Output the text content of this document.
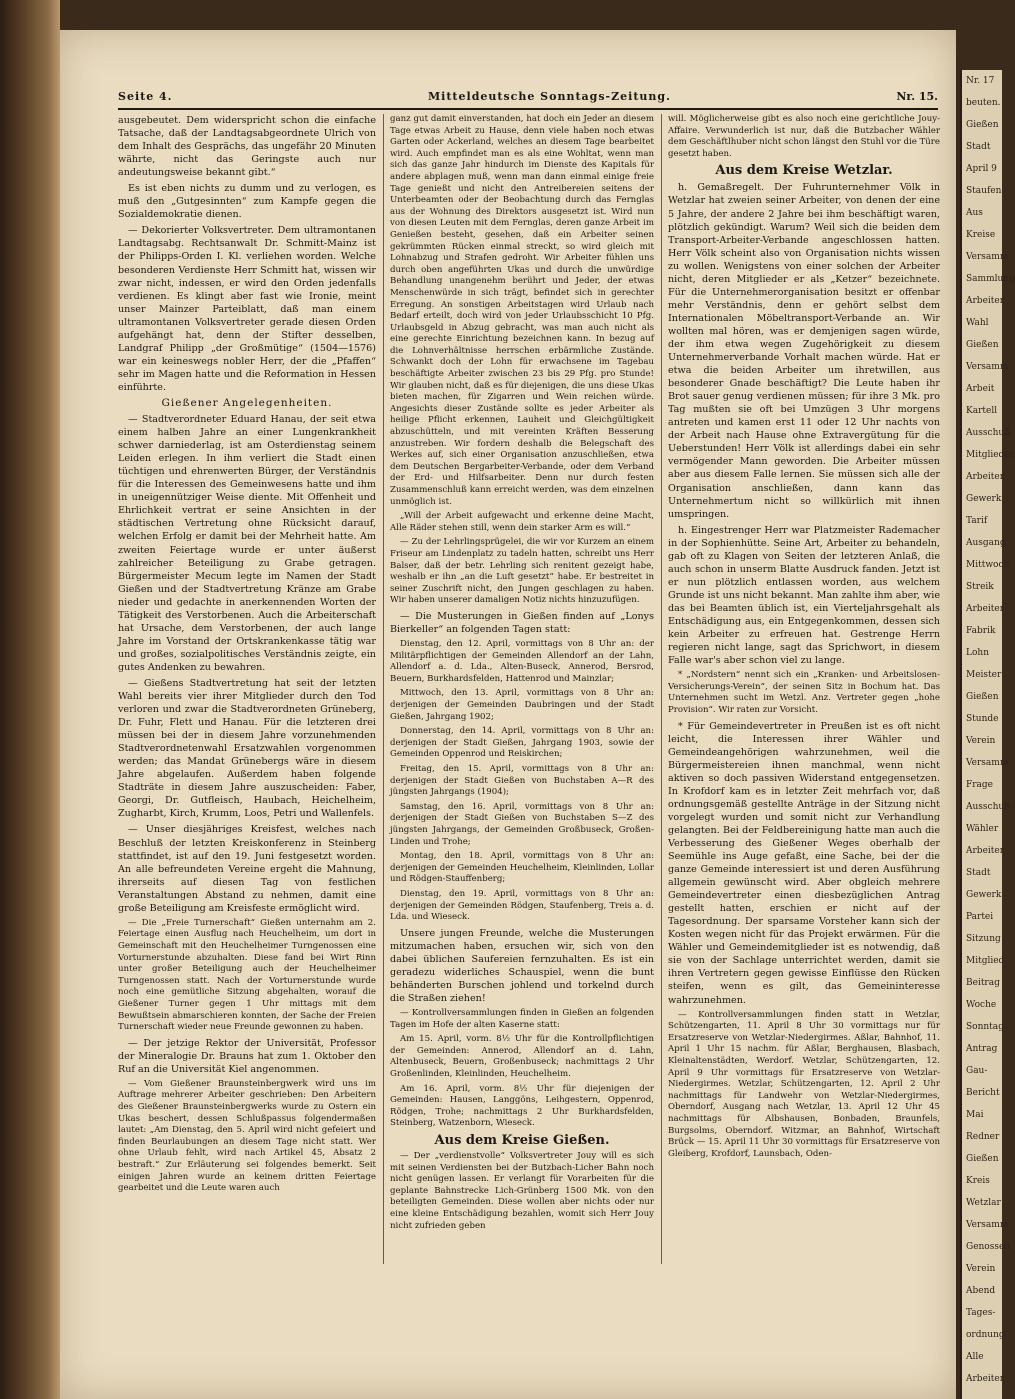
Seite 4.	Mitteldeutsche Sonntags-Zeitung.	Nr. 15.

ausgebeutet. Dem widerspricht schon die einfache Tatsache, daß der Landtagsabgeordnete Ulrich von dem Inhalt des Gesprächs, das ungefähr 20 Minuten währte, nicht das Geringste auch nur andeutungsweise bekannt gibt.“

Es ist eben nichts zu dumm und zu verlogen, es muß den „Gutgesinnten“ zum Kampfe gegen die Sozialdemokratie dienen.

— Dekorierter Volksvertreter. Dem ultramontanen Landtagsabg. Rechtsanwalt Dr. Schmitt-Mainz ist der Philipps-Orden I. Kl. verliehen worden. Welche besonderen Verdienste Herr Schmitt hat, wissen wir zwar nicht, indessen, er wird den Orden jedenfalls verdienen. Es klingt aber fast wie Ironie, meint unser Mainzer Parteiblatt, daß man einem ultramontanen Volksvertreter gerade diesen Orden aufgehängt hat, denn der Stifter desselben, Landgraf Philipp „der Großmütige“ (1504—1576) war ein keineswegs nobler Herr, der die „Pfaffen“ sehr im Magen hatte und die Reformation in Hessen einführte.

Gießener Angelegenheiten.

— Stadtverordneter Eduard Hanau, der seit etwa einem halben Jahre an einer Lungenkrankheit schwer darniederlag, ist am Osterdienstag seinem Leiden erlegen. In ihm verliert die Stadt einen tüchtigen und ehrenwerten Bürger, der Verständnis für die Interessen des Gemeinwesens hatte und ihm in uneigennütziger Weise diente. Mit Offenheit und Ehrlichkeit vertrat er seine Ansichten in der städtischen Vertretung ohne Rücksicht darauf, welchen Erfolg er damit bei der Mehrheit hatte. Am zweiten Feiertage wurde er unter äußerst zahlreicher Beteiligung zu Grabe getragen. Bürgermeister Mecum legte im Namen der Stadt Gießen und der Stadtvertretung Kränze am Grabe nieder und gedachte in anerkennenden Worten der Tätigkeit des Verstorbenen. Auch die Arbeiterschaft hat Ursache, dem Verstorbenen, der auch lange Jahre im Vorstand der Ortskrankenkasse tätig war und großes, sozialpolitisches Verständnis zeigte, ein gutes Andenken zu bewahren.

— Gießens Stadtvertretung hat seit der letzten Wahl bereits vier ihrer Mitglieder durch den Tod verloren und zwar die Stadtverordneten Grüneberg, Dr. Fuhr, Flett und Hanau. Für die letzteren drei müssen bei der in diesem Jahre vorzunehmenden Stadtverordnetenwahl Ersatzwahlen vorgenommen werden; das Mandat Grünebergs wäre in diesem Jahre abgelaufen. Außerdem haben folgende Stadträte in diesem Jahre auszuscheiden: Faber, Georgi, Dr. Gutfleisch, Haubach, Heichelheim, Zugharbt, Kirch, Krumm, Loos, Petri und Wallenfels.

— Unser diesjähriges Kreisfest, welches nach Beschluß der letzten Kreiskonferenz in Steinberg stattfindet, ist auf den 19. Juni festgesetzt worden. An alle befreundeten Vereine ergeht die Mahnung, ihrerseits auf diesen Tag von festlichen Veranstaltungen Abstand zu nehmen, damit eine große Beteiligung am Kreisfeste ermöglicht wird.

— Die „Freie Turnerschaft“ Gießen unternahm am 2. Feiertage einen Ausflug nach Heuchelheim, um dort in Gemeinschaft mit den Heuchelheimer Turngenossen eine Vorturnerstunde abzuhalten. Diese fand bei Wirt Rinn unter großer Beteiligung auch der Heuchelheimer Turngenossen statt. Nach der Vorturnerstunde wurde noch eine gemütliche Sitzung abgehalten, worauf die Gießener Turner gegen 1 Uhr mittags mit dem Bewußtsein abmarschieren konnten, der Sache der Freien Turnerschaft wieder neue Freunde gewonnen zu haben.

— Der jetzige Rektor der Universität, Professor der Mineralogie Dr. Brauns hat zum 1. Oktober den Ruf an die Universität Kiel angenommen.

— Vom Gießener Braunsteinbergwerk wird uns im Auftrage mehrerer Arbeiter geschrieben: Den Arbeitern des Gießener Braunsteinbergwerks wurde zu Ostern ein Ukas beschert, dessen Schlußpassus folgendermaßen lautet: „Am Dienstag, den 5. April wird nicht gefeiert und finden Beurlaubungen an diesem Tage nicht statt. Wer ohne Urlaub fehlt, wird nach Artikel 45, Absatz 2 bestraft.“ Zur Erläuterung sei folgendes bemerkt. Seit einigen Jahren wurde an keinem dritten Feiertage gearbeitet und die Leute waren auch

ganz gut damit einverstanden, hat doch ein Jeder an diesem Tage etwas Arbeit zu Hause, denn viele haben noch etwas Garten oder Ackerland, welches an diesem Tage bearbeitet wird. Auch empfindet man es als eine Wohltat, wenn man sich das ganze Jahr hindurch im Dienste des Kapitals für andere abplagen muß, wenn man dann einmal einige freie Tage genießt und nicht den Antreibereien seitens der Unterbeamten oder der Beobachtung durch das Fernglas aus der Wohnung des Direktors ausgesetzt ist. Wird nun von diesen Leuten mit dem Fernglas, deren ganze Arbeit im Genießen besteht, gesehen, daß ein Arbeiter seinen gekrümmten Rücken einmal streckt, so wird gleich mit Lohnabzug und Strafen gedroht. Wir Arbeiter fühlen uns durch oben angeführten Ukas und durch die unwürdige Behandlung unangenehm berührt und Jeder, der etwas Menschenwürde in sich trägt, befindet sich in gerechter Erregung. An sonstigen Arbeitstagen wird Urlaub nach Bedarf erteilt, doch wird von jeder Urlaubsschicht 10 Pfg. Urlaubsgeld in Abzug gebracht, was man auch nicht als eine gerechte Einrichtung bezeichnen kann. In bezug auf die Lohnverhältnisse herrschen erbärmliche Zustände. Schwankt doch der Lohn für erwachsene im Tagebau beschäftigte Arbeiter zwischen 23 bis 29 Pfg. pro Stunde! Wir glauben nicht, daß es für diejenigen, die uns diese Ukas bieten machen, für Zigarren und Wein reichen würde. Angesichts dieser Zustände sollte es jeder Arbeiter als heilige Pflicht erkennen, Lauheit und Gleichgültigkeit abzuschütteln, und mit vereinten Kräften Besserung anzustreben. Wir fordern deshalb die Belegschaft des Werkes auf, sich einer Organisation anzuschließen, etwa dem Deutschen Bergarbeiter-Verbande, oder dem Verband der Erd- und Hilfsarbeiter. Denn nur durch festen Zusammenschluß kann erreicht werden, was dem einzelnen unmöglich ist.

„Will der Arbeit aufgewacht und erkenne deine Macht, Alle Räder stehen still, wenn dein starker Arm es will.“

— Zu der Lehrlingsprügelei, die wir vor Kurzem an einem Friseur am Lindenplatz zu tadeln hatten, schreibt uns Herr Balser, daß der betr. Lehrling sich renitent gezeigt habe, weshalb er ihn „an die Luft gesetzt“ habe. Er bestreitet in seiner Zuschrift nicht, den Jungen geschlagen zu haben. Wir haben unserer damaligen Notiz nichts hinzuzufügen.

— Die Musterungen in Gießen finden auf „Lonys Bierkeller“ an folgenden Tagen statt:

Dienstag, den 12. April, vormittags von 8 Uhr an: der Militärpflichtigen der Gemeinden Allendorf an der Lahn, Allendorf a. d. Lda., Alten-Buseck, Annerod, Bersrod, Beuern, Burkhardsfelden, Hattenrod und Mainzlar;

Mittwoch, den 13. April, vormittags von 8 Uhr an: derjenigen der Gemeinden Daubringen und der Stadt Gießen, Jahrgang 1902;

Donnerstag, den 14. April, vormittags von 8 Uhr an: derjenigen der Stadt Gießen, Jahrgang 1903, sowie der Gemeinden Oppenrod und Reiskirchen;

Freitag, den 15. April, vormittags von 8 Uhr an: derjenigen der Stadt Gießen von Buchstaben A—R des jüngsten Jahrgangs (1904);

Samstag, den 16. April, vormittags von 8 Uhr an: derjenigen der Stadt Gießen von Buchstaben S—Z des jüngsten Jahrgangs, der Gemeinden Großbuseck, Großen-Linden und Trohe;

Montag, den 18. April, vormittags von 8 Uhr an: derjenigen der Gemeinden Heuchelheim, Kleinlinden, Lollar und Rödgen-Stauffenberg;

Dienstag, den 19. April, vormittags von 8 Uhr an: derjenigen der Gemeinden Rödgen, Staufenberg, Treis a. d. Lda. und Wieseck.

Unsere jungen Freunde, welche die Musterungen mitzumachen haben, ersuchen wir, sich von den dabei üblichen Saufereien fernzuhalten. Es ist ein geradezu widerliches Schauspiel, wenn die bunt behänderten Burschen johlend und torkelnd durch die Straßen ziehen!

— Kontrollversammlungen finden in Gießen an folgenden Tagen im Hofe der alten Kaserne statt:

Am 15. April, vorm. 8½ Uhr für die Kontrollpflichtigen der Gemeinden: Annerod, Allendorf an d. Lahn, Altenbuseck, Beuern, Großenbuseck; nachmittags 2 Uhr Großenlinden, Kleinlinden, Heuchelheim.

Am 16. April, vorm. 8½ Uhr für diejenigen der Gemeinden: Hausen, Langgöns, Leihgestern, Oppenrod, Rödgen, Trohe; nachmittags 2 Uhr Burkhardsfelden, Steinberg, Watzenborn, Wieseck.

Aus dem Kreise Gießen.

— Der „verdienstvolle“ Volksvertreter Jouy will es sich mit seinen Verdiensten bei der Butzbach-Licher Bahn noch nicht genügen lassen. Er verlangt für Vorarbeiten für die geplante Bahnstrecke Lich-Grünberg 1500 Mk. von den beteiligten Gemeinden. Diese wollen aber nichts oder nur eine kleine Entschädigung bezahlen, womit sich Herr Jouy nicht zufrieden geben

will. Möglicherweise gibt es also noch eine gerichtliche Jouy-Affaire. Verwunderlich ist nur, daß die Butzbacher Wähler dem Geschäftlhuber nicht schon längst den Stuhl vor die Türe gesetzt haben.

Aus dem Kreise Wetzlar.

h. Gemaßregelt. Der Fuhrunternehmer Völk in Wetzlar hat zweien seiner Arbeiter, von denen der eine 5 Jahre, der andere 2 Jahre bei ihm beschäftigt waren, plötzlich gekündigt. Warum? Weil sich die beiden dem Transport-Arbeiter-Verbande angeschlossen hatten. Herr Völk scheint also von Organisation nichts wissen zu wollen. Wenigstens von einer solchen der Arbeiter nicht, deren Mitglieder er als „Ketzer“ bezeichnete. Für die Unternehmerorganisation besitzt er offenbar mehr Verständnis, denn er gehört selbst dem Internationalen Möbeltransport-Verbande an. Wir wollten mal hören, was er demjenigen sagen würde, der ihm etwa wegen Zugehörigkeit zu diesem Unternehmerverbande Vorhalt machen würde. Hat er etwa die beiden Arbeiter um ihretwillen, aus besonderer Gnade beschäftigt? Die Leute haben ihr Brot sauer genug verdienen müssen; für ihre 3 Mk. pro Tag mußten sie oft bei Umzügen 3 Uhr morgens antreten und kamen erst 11 oder 12 Uhr nachts von der Arbeit nach Hause ohne Extravergütung für die Ueberstunden! Herr Völk ist allerdings dabei ein sehr vermögender Mann geworden. Die Arbeiter müssen aber aus diesem Falle lernen. Sie müssen sich alle der Organisation anschließen, dann kann das Unternehmertum nicht so willkürlich mit ihnen umspringen.

h. Eingestrenger Herr war Platzmeister Rademacher in der Sophienhütte. Seine Art, Arbeiter zu behandeln, gab oft zu Klagen von Seiten der letzteren Anlaß, die auch schon in unserm Blatte Ausdruck fanden. Jetzt ist er nun plötzlich entlassen worden, aus welchem Grunde ist uns nicht bekannt. Man zahlte ihm aber, wie das bei Beamten üblich ist, ein Vierteljahrsgehalt als Entschädigung aus, ein Entgegenkommen, dessen sich kein Arbeiter zu erfreuen hat. Gestrenge Herrn regieren nicht lange, sagt das Sprichwort, in diesem Falle war's aber schon viel zu lange.

* „Nordstern“ nennt sich ein „Kranken- und Arbeitslosen-Versicherungs-Verein“, der seinen Sitz in Bochum hat. Das Unternehmen sucht im Wetzl. Anz. Vertreter gegen „hohe Provision“. Wir raten zur Vorsicht.

* Für Gemeindevertreter in Preußen ist es oft nicht leicht, die Interessen ihrer Wähler und Gemeindeangehörigen wahrzunehmen, weil die Bürgermeistereien ihnen manchmal, wenn nicht aktiven so doch passiven Widerstand entgegensetzen. In Krofdorf kam es in letzter Zeit mehrfach vor, daß ordnungsgemäß gestellte Anträge in der Sitzung nicht vorgelegt wurden und somit nicht zur Verhandlung gelangten. Bei der Feldbereinigung hatte man auch die Verbesserung des Gießener Weges oberhalb der Seemühle ins Auge gefaßt, eine Sache, bei der die ganze Gemeinde interessiert ist und deren Ausführung allgemein gewünscht wird. Aber obgleich mehrere Gemeindevertreter einen diesbezüglichen Antrag gestellt hatten, erschien er nicht auf der Tagesordnung. Der sparsame Vorsteher kann sich der Kosten wegen nicht für das Projekt erwärmen. Für die Wähler und Gemeindemitglieder ist es notwendig, daß sie von der Sachlage unterrichtet werden, damit sie ihren Vertretern gegen gewisse Einflüsse den Rücken steifen, wenn es gilt, das Gemeininteresse wahrzunehmen.

— Kontrollversammlungen finden statt in Wetzlar, Schützengarten, 11. April 8 Uhr 30 vormittags nur für Ersatzreserve von Wetzlar-Niedergirmes. Aßlar, Bahnhof, 11. April 1 Uhr 15 nachm. für Aßlar, Berghausen, Blasbach, Kleinaltenstädten, Werdorf. Wetzlar, Schützengarten, 12. April 9 Uhr vormittags für Ersatzreserve von Wetzlar-Niedergirmes. Wetzlar, Schützengarten, 12. April 2 Uhr nachmittags für Landwehr von Wetzlar-Niedergirmes, Oberndorf, Ausgang nach Wetzlar, 13. April 12 Uhr 45 nachmittags für Albshausen, Bonbaden, Braunfels, Burgsolms, Oberndorf. Witzmar, an Bahnhof, Wirtschaft Brück — 15. April 11 Uhr 30 vormittags für Ersatzreserve von Gleiberg, Krofdorf, Launsbach, Oden-

Nr. 17
beuten.
Gießen
Stadt
April 9
Staufen
Aus
Kreise
Versamm
Sammlung
Arbeiter
Wahl
Gießen
Versamm
Arbeit
Kartell
Ausschuß
Mitglieder
Arbeiter
Gewerk
Tarif
Ausgang
Mittwoch
Streik
Arbeiter
Fabrik
Lohn
Meister
Gießen
Stunde
Verein
Versamm
Frage
Ausschuß
Wähler
Arbeiter
Stadt
Gewerk
Partei
Sitzung
Mitglied
Beitrag
Woche
Sonntag
Antrag
Gau-
Bericht
Mai
Redner
Gießen
Kreis
Wetzlar
Versamm
Genossen
Verein
Abend
Tages-
ordnung
Alle
Arbeiter
